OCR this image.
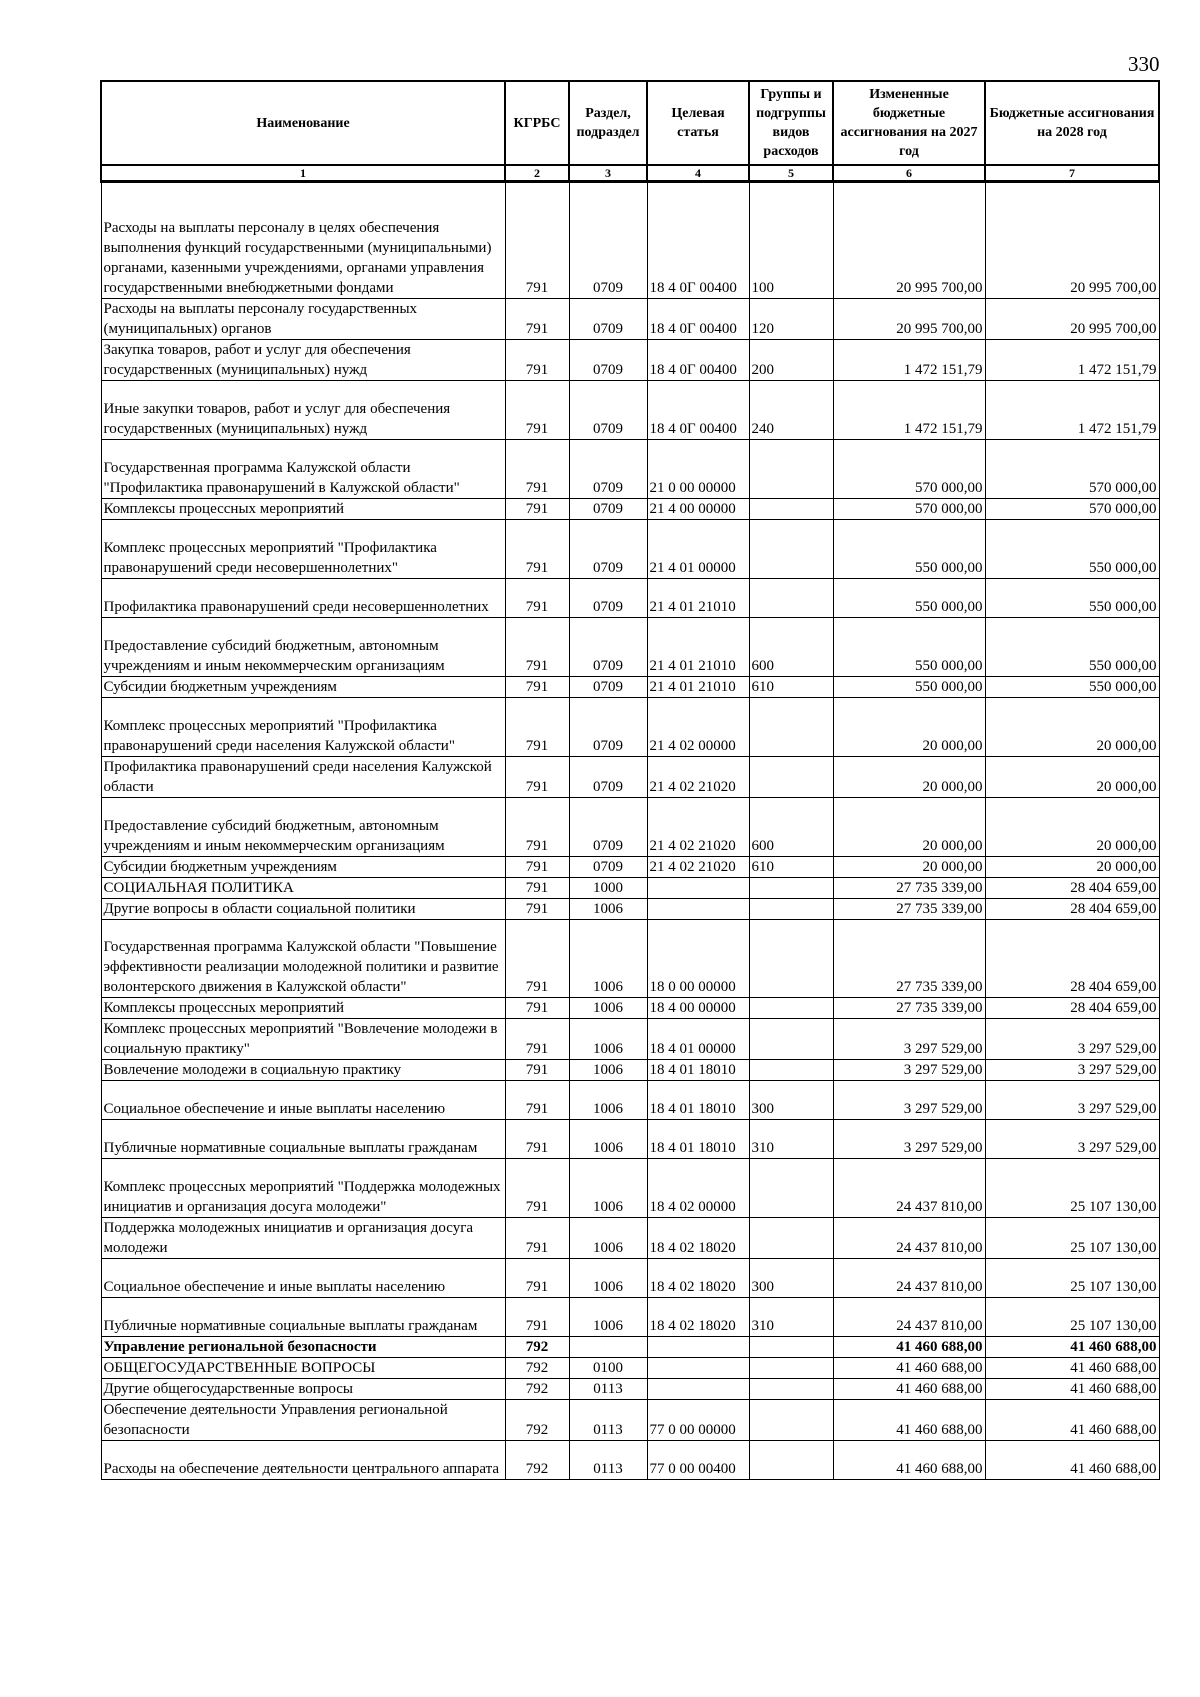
330
Наименование	КГРБС	Раздел, подраздел	Целевая статья	Группы и подгруппы видов расходов	Измененные бюджетные ассигнования на 2027 год	Бюджетные ассигнования на 2028 год
1	2	3	4	5	6	7
Расходы на выплаты персоналу в целях обеспечения выполнения функций государственными (муниципальными) органами, казенными учреждениями, органами управления государственными внебюджетными фондами	791	0709	18 4 0Г 00400	100	20 995 700,00	20 995 700,00
Расходы на выплаты персоналу государственных (муниципальных) органов	791	0709	18 4 0Г 00400	120	20 995 700,00	20 995 700,00
Закупка товаров, работ и услуг для обеспечения государственных (муниципальных) нужд	791	0709	18 4 0Г 00400	200	1 472 151,79	1 472 151,79
Иные закупки товаров, работ и услуг для обеспечения государственных (муниципальных) нужд	791	0709	18 4 0Г 00400	240	1 472 151,79	1 472 151,79
Государственная программа Калужской области "Профилактика правонарушений в Калужской области"	791	0709	21 0 00 00000		570 000,00	570 000,00
Комплексы процессных мероприятий	791	0709	21 4 00 00000		570 000,00	570 000,00
Комплекс процессных мероприятий "Профилактика правонарушений среди несовершеннолетних"	791	0709	21 4 01 00000		550 000,00	550 000,00
Профилактика правонарушений среди несовершеннолетних	791	0709	21 4 01 21010		550 000,00	550 000,00
Предоставление субсидий бюджетным, автономным учреждениям и иным некоммерческим организациям	791	0709	21 4 01 21010	600	550 000,00	550 000,00
Субсидии бюджетным учреждениям	791	0709	21 4 01 21010	610	550 000,00	550 000,00
Комплекс процессных мероприятий "Профилактика правонарушений среди населения Калужской области"	791	0709	21 4 02 00000		20 000,00	20 000,00
Профилактика правонарушений среди населения Калужской области	791	0709	21 4 02 21020		20 000,00	20 000,00
Предоставление субсидий бюджетным, автономным учреждениям и иным некоммерческим организациям	791	0709	21 4 02 21020	600	20 000,00	20 000,00
Субсидии бюджетным учреждениям	791	0709	21 4 02 21020	610	20 000,00	20 000,00
СОЦИАЛЬНАЯ ПОЛИТИКА	791	1000			27 735 339,00	28 404 659,00
Другие вопросы в области социальной политики	791	1006			27 735 339,00	28 404 659,00
Государственная программа Калужской области "Повышение эффективности реализации молодежной политики и развитие волонтерского движения в Калужской области"	791	1006	18 0 00 00000		27 735 339,00	28 404 659,00
Комплексы процессных мероприятий	791	1006	18 4 00 00000		27 735 339,00	28 404 659,00
Комплекс процессных мероприятий "Вовлечение молодежи в социальную практику"	791	1006	18 4 01 00000		3 297 529,00	3 297 529,00
Вовлечение молодежи в социальную практику	791	1006	18 4 01 18010		3 297 529,00	3 297 529,00
Социальное обеспечение и иные выплаты населению	791	1006	18 4 01 18010	300	3 297 529,00	3 297 529,00
Публичные нормативные социальные выплаты гражданам	791	1006	18 4 01 18010	310	3 297 529,00	3 297 529,00
Комплекс процессных мероприятий "Поддержка молодежных инициатив и организация досуга молодежи"	791	1006	18 4 02 00000		24 437 810,00	25 107 130,00
Поддержка молодежных инициатив и организация досуга молодежи	791	1006	18 4 02 18020		24 437 810,00	25 107 130,00
Социальное обеспечение и иные выплаты населению	791	1006	18 4 02 18020	300	24 437 810,00	25 107 130,00
Публичные нормативные социальные выплаты гражданам	791	1006	18 4 02 18020	310	24 437 810,00	25 107 130,00
Управление региональной безопасности	792				41 460 688,00	41 460 688,00
ОБЩЕГОСУДАРСТВЕННЫЕ ВОПРОСЫ	792	0100			41 460 688,00	41 460 688,00
Другие общегосударственные вопросы	792	0113			41 460 688,00	41 460 688,00
Обеспечение деятельности Управления региональной безопасности	792	0113	77 0 00 00000		41 460 688,00	41 460 688,00
Расходы на обеспечение деятельности центрального аппарата	792	0113	77 0 00 00400		41 460 688,00	41 460 688,00
